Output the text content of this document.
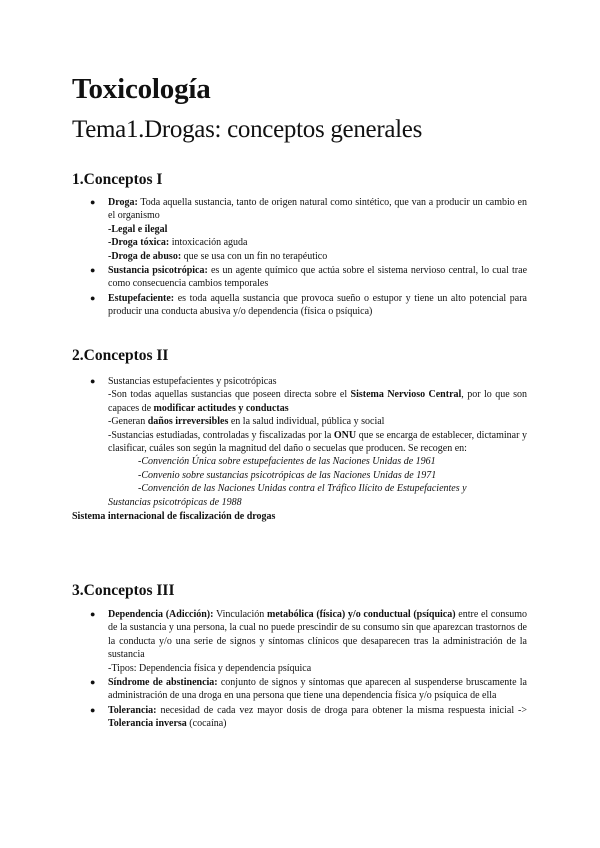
Toxicología
Tema1.Drogas: conceptos generales
1.Conceptos I
● Droga: Toda aquella sustancia, tanto de origen natural como sintético, que van a producir un cambio en el organismo
-Legal e ilegal
-Droga tóxica: intoxicación aguda
-Droga de abuso: que se usa con un fin no terapéutico
● Sustancia psicotrópica: es un agente químico que actúa sobre el sistema nervioso central, lo cual trae como consecuencia cambios temporales
● Estupefaciente: es toda aquella sustancia que provoca sueño o estupor y tiene un alto potencial para producir una conducta abusiva y/o dependencia (física o psíquica)
2.Conceptos II
● Sustancias estupefacientes y psicotrópicas
-Son todas aquellas sustancias que poseen directa sobre el Sistema Nervioso Central, por lo que son capaces de modificar actitudes y conductas
-Generan daños irreversibles en la salud individual, pública y social
-Sustancias estudiadas, controladas y fiscalizadas por la ONU que se encarga de establecer, dictaminar y clasificar, cuáles son según la magnitud del daño o secuelas que producen. Se recogen en:
-Convención Única sobre estupefacientes de las Naciones Unidas de 1961
-Convenio sobre sustancias psicotrópicas de las Naciones Unidas de 1971
-Convención de las Naciones Unidas contra el Tráfico Ilícito de Estupefacientes y
Sustancias psicotrópicas de 1988
Sistema internacional de fiscalización de drogas
3.Conceptos III
● Dependencia (Adicción): Vinculación metabólica (física) y/o conductual (psíquica) entre el consumo de la sustancia y una persona, la cual no puede prescindir de su consumo sin que aparezcan trastornos de la conducta y/o una serie de signos y síntomas clínicos que desaparecen tras la administración de la sustancia
-Tipos: Dependencia física y dependencia psíquica
● Síndrome de abstinencia: conjunto de signos y síntomas que aparecen al suspenderse bruscamente la administración de una droga en una persona que tiene una dependencia física y/o psíquica de ella
● Tolerancia: necesidad de cada vez mayor dosis de droga para obtener la misma respuesta inicial -> Tolerancia inversa (cocaína)
